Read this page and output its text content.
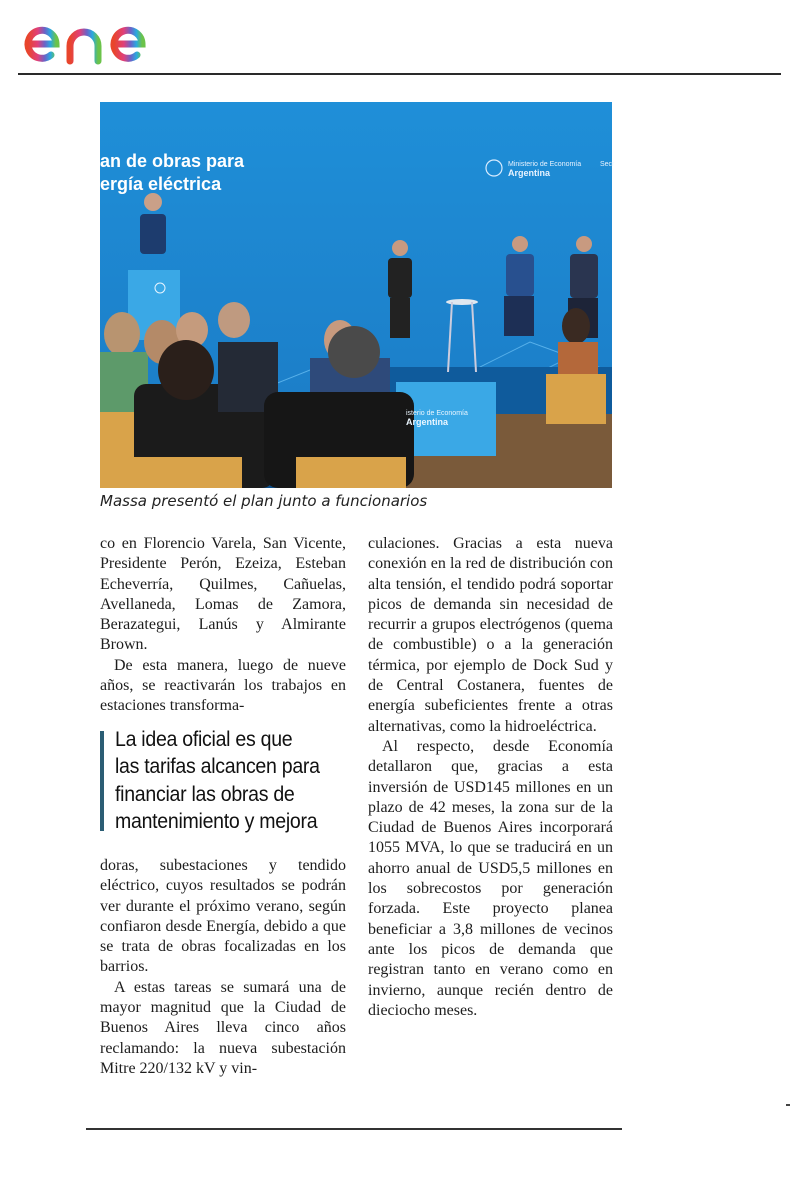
an de obras para
ergía eléctrica
Ministerio de Economía
Argentina
Secr
isterio de Economía
Argentina
Massa presentó el plan junto a funcionarios

co en Florencio Varela, San Vicente, Presidente Perón, Ezeiza, Esteban Echeverría, Quilmes, Cañuelas, Avellaneda, Lomas de Zamora, Berazategui, Lanús y Almirante Brown.

De esta manera, luego de nueve años, se reactivarán los trabajos en estaciones transforma-

La idea oficial es que
las tarifas alcancen para
financiar las obras de
mantenimiento y mejora

doras, subestaciones y tendido eléctrico, cuyos resultados se podrán ver durante el próximo verano, según confiaron desde Energía, debido a que se trata de obras focalizadas en los barrios.

A estas tareas se sumará una de mayor magnitud que la Ciudad de Buenos Aires lleva cinco años reclamando: la nueva subestación Mitre 220/132 kV y vin-

culaciones. Gracias a esta nueva conexión en la red de distribución con alta tensión, el tendido podrá soportar picos de demanda sin necesidad de recurrir a grupos electrógenos (quema de combustible) o a la generación térmica, por ejemplo de Dock Sud y de Central Costanera, fuentes de energía subeficientes frente a otras alternativas, como la hidroeléctrica.

Al respecto, desde Economía detallaron que, gracias a esta inversión de USD145 millones en un plazo de 42 meses, la zona sur de la Ciudad de Buenos Aires incorporará 1055 MVA, lo que se traducirá en un ahorro anual de USD5,5 millones en los sobrecostos por generación forzada. Este proyecto planea beneficiar a 3,8 millones de vecinos ante los picos de demanda que registran tanto en verano como en invierno, aunque recién dentro de dieciocho meses.
